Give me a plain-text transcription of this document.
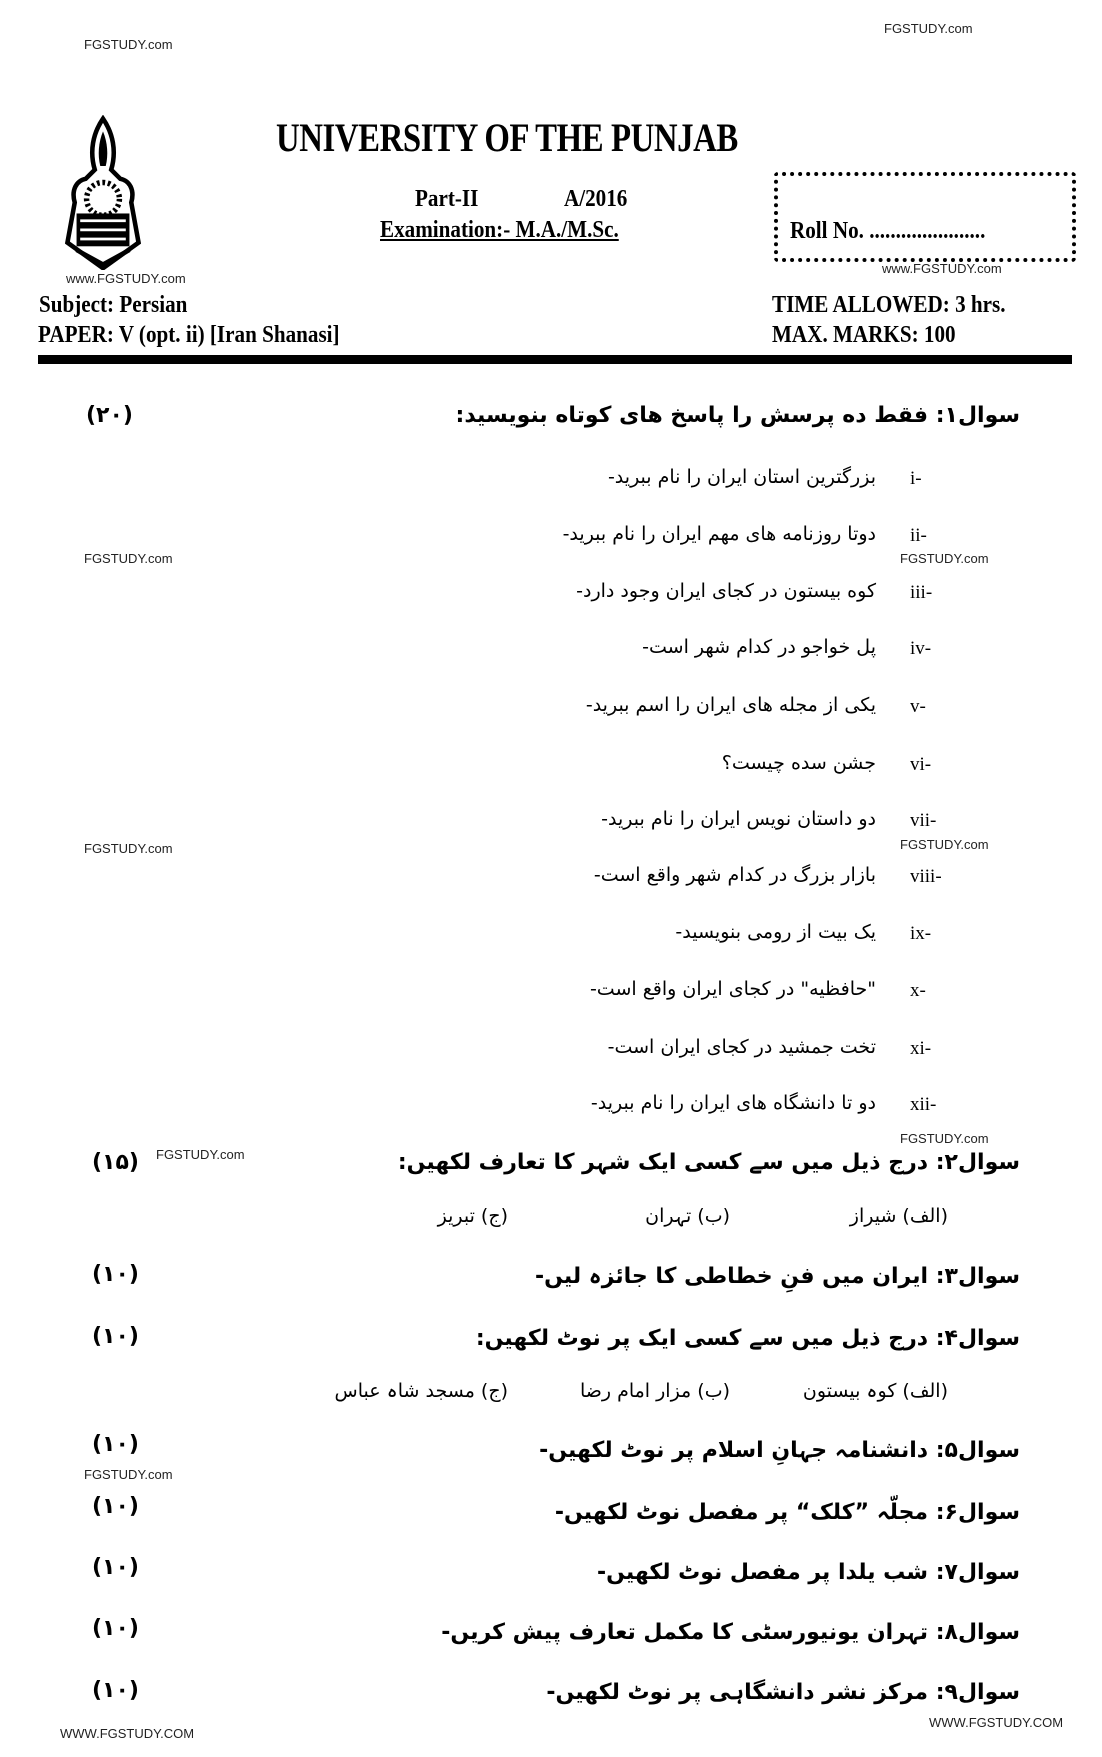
FGSTUDY.com
FGSTUDY.com
www.FGSTUDY.com
www.FGSTUDY.com
FGSTUDY.com	FGSTUDY.com
FGSTUDY.com	FGSTUDY.com
FGSTUDY.com
FGSTUDY.com
FGSTUDY.com
WWW.FGSTUDY.COM
WWW.FGSTUDY.COM
UNIVERSITY OF THE PUNJAB
Part-II	A/2016
Examination:- M.A./M.Sc.	Roll No. ......................
Subject: Persian
PAPER: V (opt. ii) [Iran Shanasi]
TIME ALLOWED: 3 hrs.
MAX. MARKS: 100
سوال۱: فقط ده پرسش را پاسخ های کوتاه بنویسید:
(۲۰)
بزرگترین استان ایران را نام ببرید- i-
دوتا روزنامه های مهم ایران را نام ببرید- ii-
کوه بیستون در کجای ایران وجود دارد- iii-
پل خواجو در کدام شهر است- iv-
یکی از مجله های ایران را اسم ببرید- v-
جشن سده چیست؟ vi-
دو داستان نویس ایران را نام ببرید- vii-
بازار بزرگ در کدام شهر واقع است- viii-
یک بیت از رومی بنویسید- ix-
"حافظیه" در کجای ایران واقع است- x-
تخت جمشید در کجای ایران است- xi-
دو تا دانشگاه های ایران را نام ببرید- xii-
سوال۲: درج ذیل میں سے کسی ایک شہر کا تعارف لکھیں:
(۱۵)
(الف) شیراز
(ب) تہران
(ج) تبریز
سوال۳: ایران میں فنِ خطاطی کا جائزہ لیں-
(۱۰)
سوال۴: درج ذیل میں سے کسی ایک پر نوٹ لکھیں:
(۱۰)
(الف) کوہ بیستون
(ب) مزار امام رضا
(ج) مسجد شاہ عباس
سوال۵: دانشنامہ جہانِ اسلام پر نوٹ لکھیں-
(۱۰)
سوال۶: مجلّہ ”کلک“ پر مفصل نوٹ لکھیں-
(۱۰)
سوال۷: شب یلدا پر مفصل نوٹ لکھیں-
(۱۰)
سوال۸: تہران یونیورسٹی کا مکمل تعارف پیش کریں-
(۱۰)
سوال۹: مرکز نشر دانشگاہی پر نوٹ لکھیں-
(۱۰)
